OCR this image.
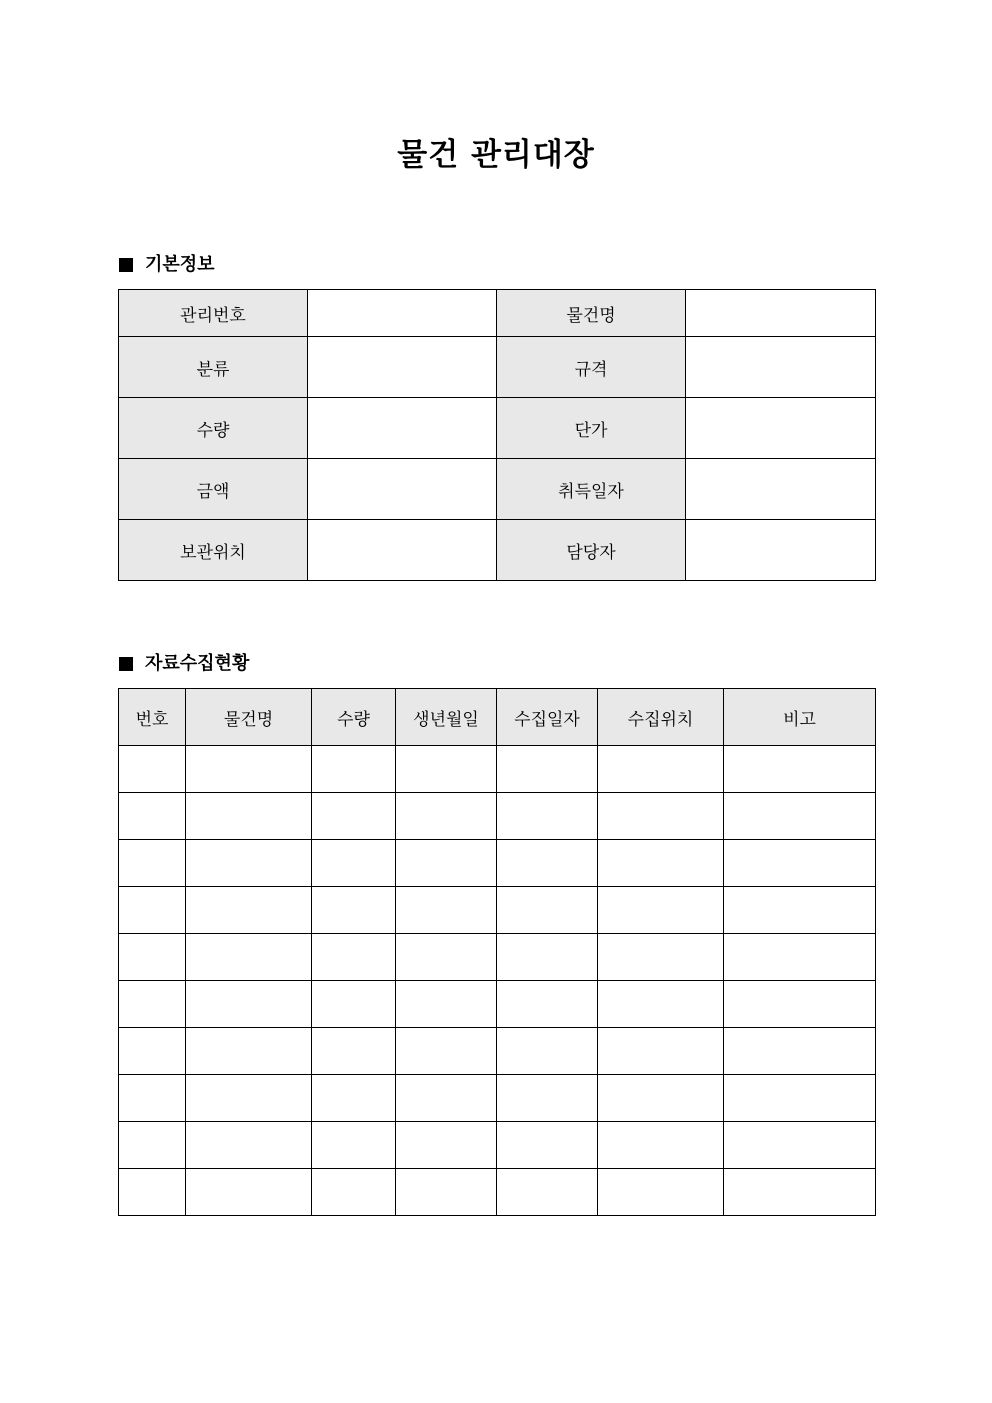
물건 관리대장
기본정보
관리번호		물건명	
분류		규격	
수량		단가	
금액		취득일자	
보관위치		담당자	
자료수집현황
번호	물건명	수량	생년월일	수집일자	수집위치	비고
